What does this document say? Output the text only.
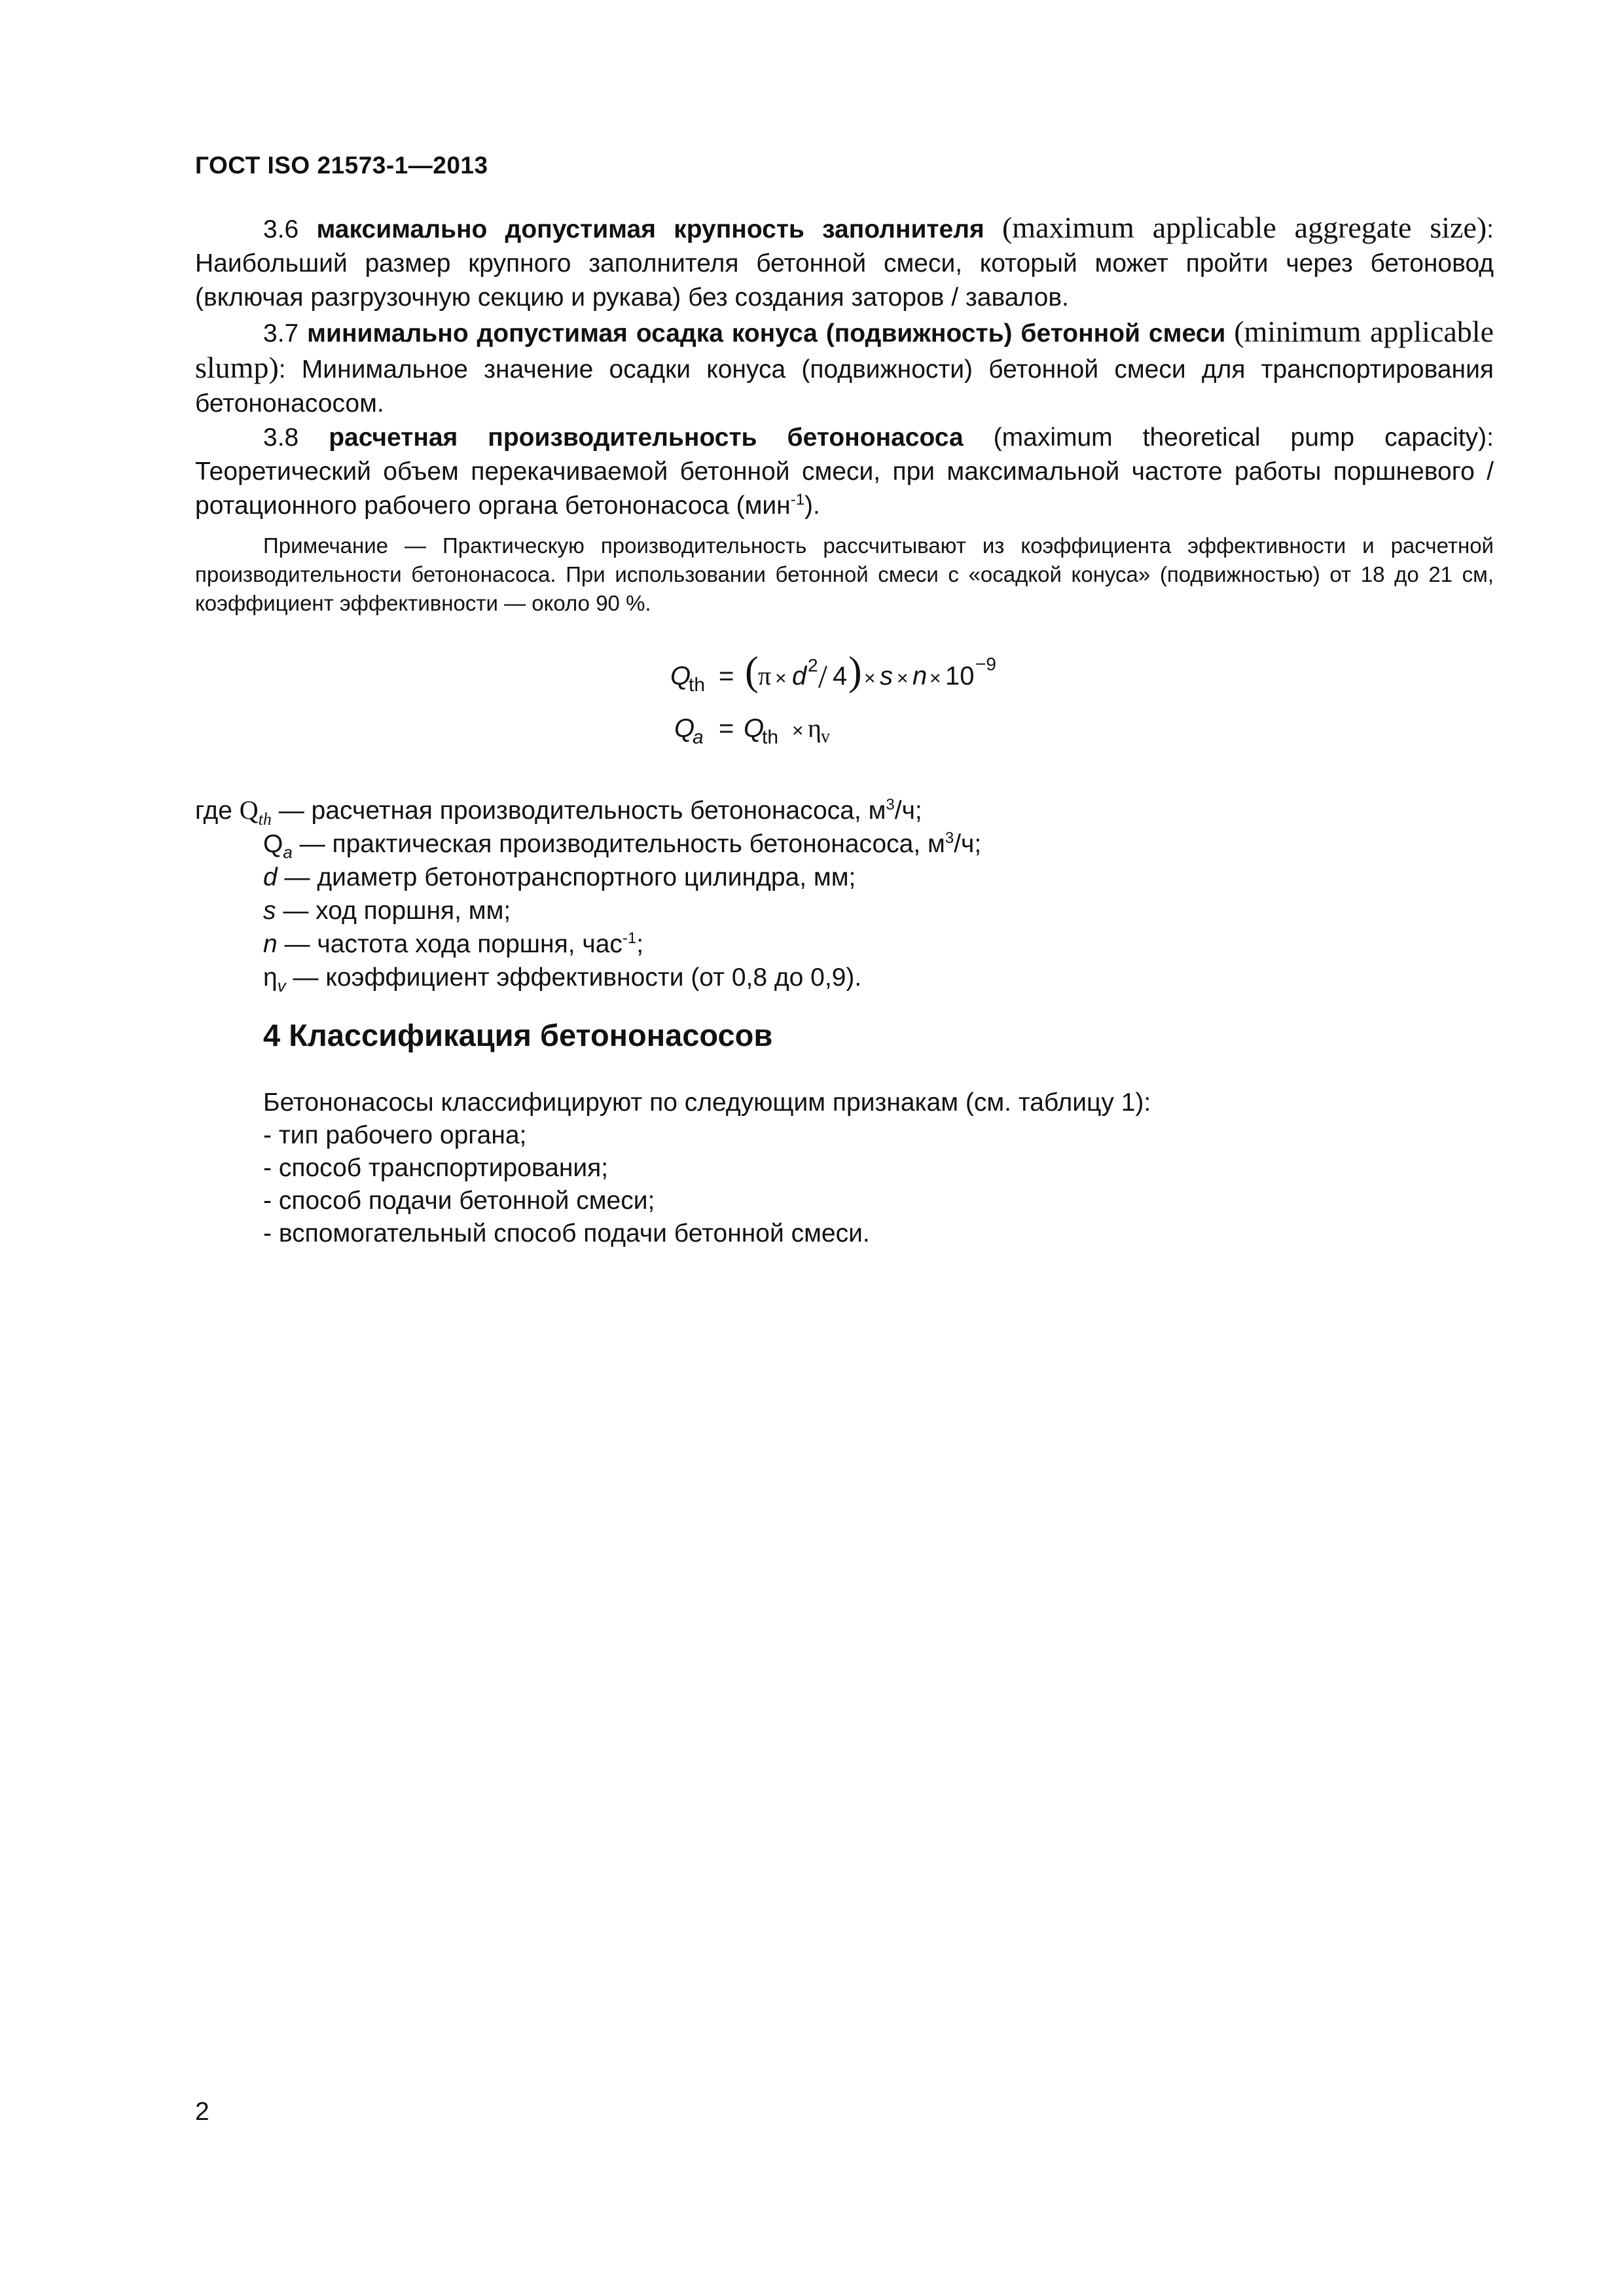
ГОСТ ISO 21573-1—2013

3.6 максимально допустимая крупность заполнителя (maximum applicable aggregate size): Наибольший размер крупного заполнителя бетонной смеси, который может пройти через бетоновод (включая разгрузочную секцию и рукава) без создания заторов / завалов.

3.7 минимально допустимая осадка конуса (подвижность) бетонной смеси (minimum applicable slump): Минимальное значение осадки конуса (подвижности) бетонной смеси для транспортирования бетононасосом.

3.8 расчетная производительность бетононасоса (maximum theoretical pump capacity): Теоретический объем перекачиваемой бетонной смеси, при максимальной частоте работы поршневого / ротационного рабочего органа бетононасоса (мин$^{-1}$).

Примечание — Практическую производительность рассчитывают из коэффициента эффективности и расчетной производительности бетононасоса. При использовании бетонной смеси с «осадкой конуса» (подвижностью) от 18 до 21 см, коэффициент эффективности — около 90 %.

Q
th = ( π × d 2 / 4 ) × s × n × 10 −9
Q
a = Q
th × η v
где $Q_{th}$ — расчетная производительность бетононасоса, $м^3/ч$;
$Q_a$ — практическая производительность бетононасоса, $м^3/ч$;
d — диаметр бетонотранспортного цилиндра, мм;
s — ход поршня, мм;
n — частота хода поршня, час$^{-1}$;
$\eta_v$ — коэффициент эффективности (от 0,8 до 0,9).
4 Классификация бетононасосов
Бетононасосы классифицируют по следующим признакам (см. таблицу 1):
- тип рабочего органа;
- способ транспортирования;
- способ подачи бетонной смеси;
- вспомогательный способ подачи бетонной смеси.
2
